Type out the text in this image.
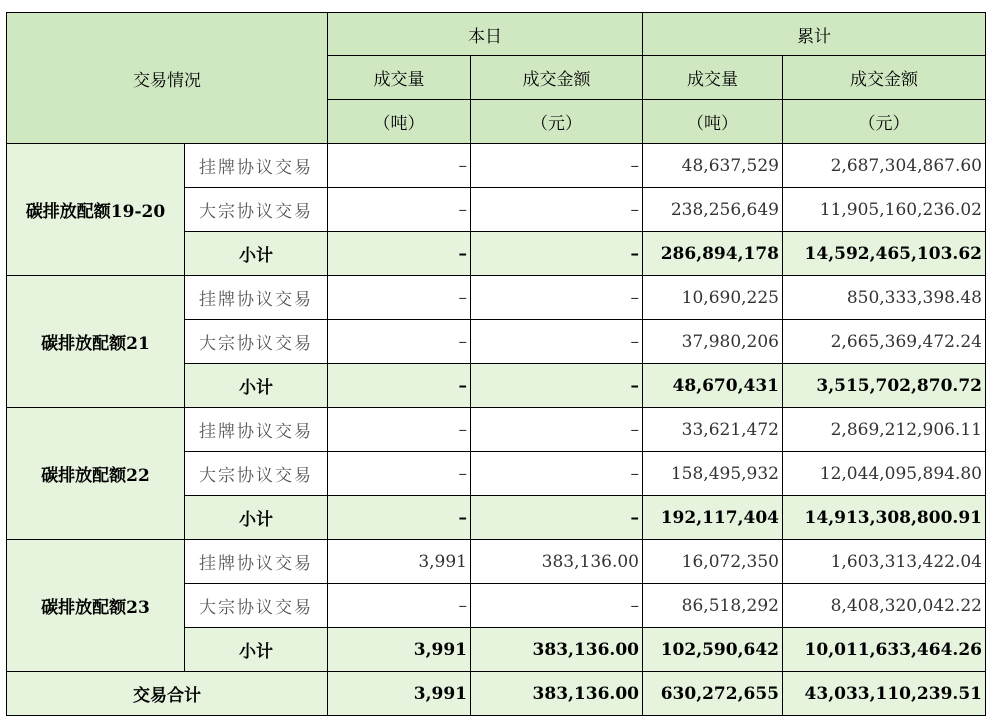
交易情况		本日		累计	
		成交量	成交金额	成交量	成交金额
		（吨）	（元）	（吨）	（元）
碳排放配额19-20	挂牌协议交易	–	–	48,637,529	2,687,304,867.60
	大宗协议交易	–	–	238,256,649	11,905,160,236.02
	小计	–	–	286,894,178	14,592,465,103.62
碳排放配额21	挂牌协议交易	–	–	10,690,225	850,333,398.48
	大宗协议交易	–	–	37,980,206	2,665,369,472.24
	小计	–	–	48,670,431	3,515,702,870.72
碳排放配额22	挂牌协议交易	–	–	33,621,472	2,869,212,906.11
	大宗协议交易	–	–	158,495,932	12,044,095,894.80
	小计	–	–	192,117,404	14,913,308,800.91
碳排放配额23	挂牌协议交易	3,991	383,136.00	16,072,350	1,603,313,422.04
	大宗协议交易	–	–	86,518,292	8,408,320,042.22
	小计	3,991	383,136.00	102,590,642	10,011,633,464.26
交易合计		3,991	383,136.00	630,272,655	43,033,110,239.51
